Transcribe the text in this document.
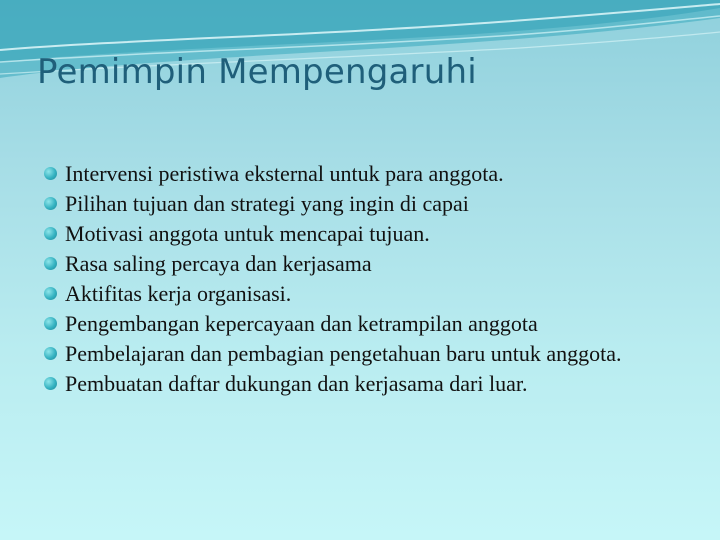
Pemimpin Mempengaruhi
Intervensi peristiwa eksternal untuk para anggota.
Pilihan tujuan dan strategi yang ingin di capai
Motivasi anggota untuk mencapai tujuan.
Rasa saling percaya dan kerjasama
Aktifitas kerja organisasi.
Pengembangan kepercayaan dan ketrampilan anggota
Pembelajaran dan pembagian pengetahuan baru untuk anggota.
Pembuatan daftar dukungan dan kerjasama dari luar.
